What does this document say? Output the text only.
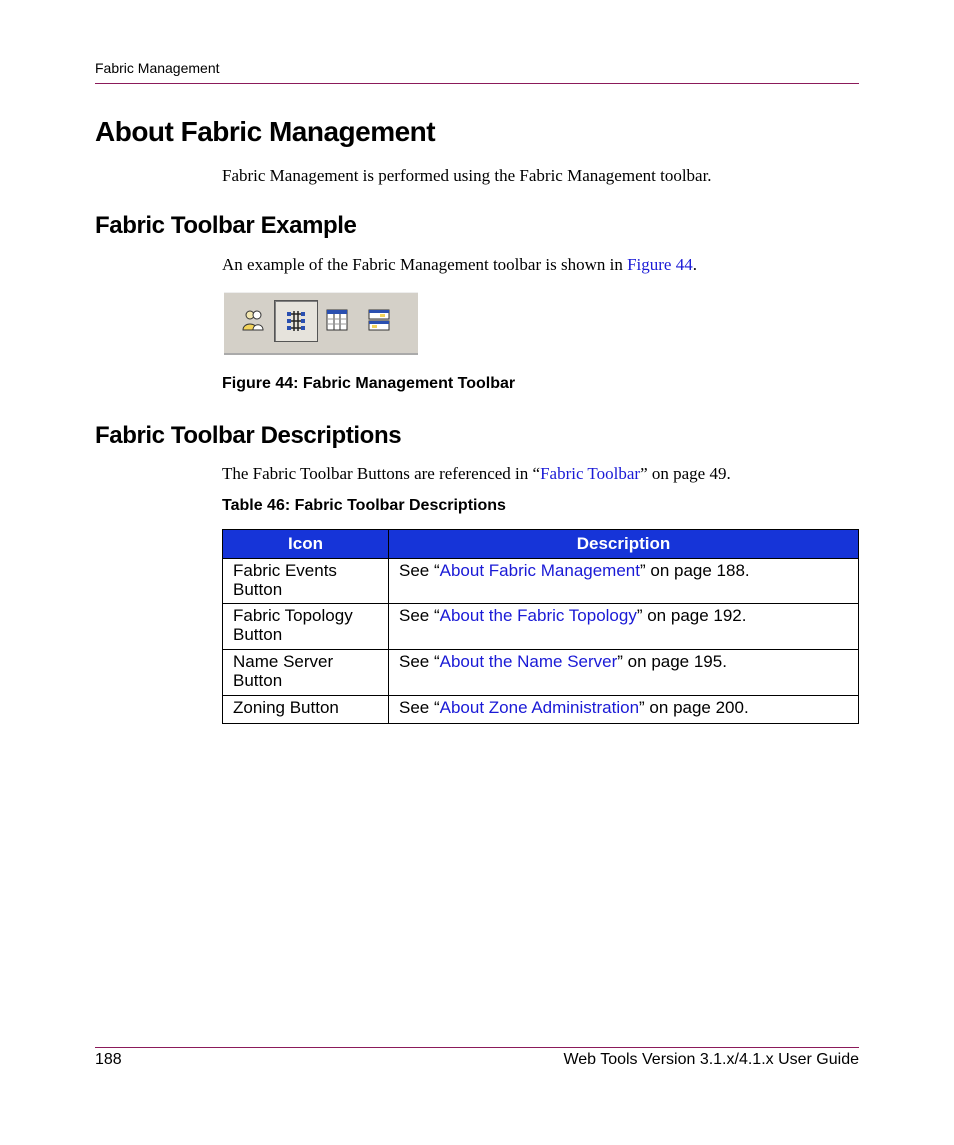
Fabric Management
About Fabric Management
Fabric Management is performed using the Fabric Management toolbar.
Fabric Toolbar Example
An example of the Fabric Management toolbar is shown in Figure 44.
Figure 44: Fabric Management Toolbar
Fabric Toolbar Descriptions
The Fabric Toolbar Buttons are referenced in “Fabric Toolbar” on page 49.
Table 46: Fabric Toolbar Descriptions
Icon	Description
Fabric Events Button	See “About Fabric Management” on page 188.
Fabric Topology Button	See “About the Fabric Topology” on page 192.
Name Server Button	See “About the Name Server” on page 195.
Zoning Button	See “About Zone Administration” on page 200.
188	Web Tools Version 3.1.x/4.1.x User Guide
